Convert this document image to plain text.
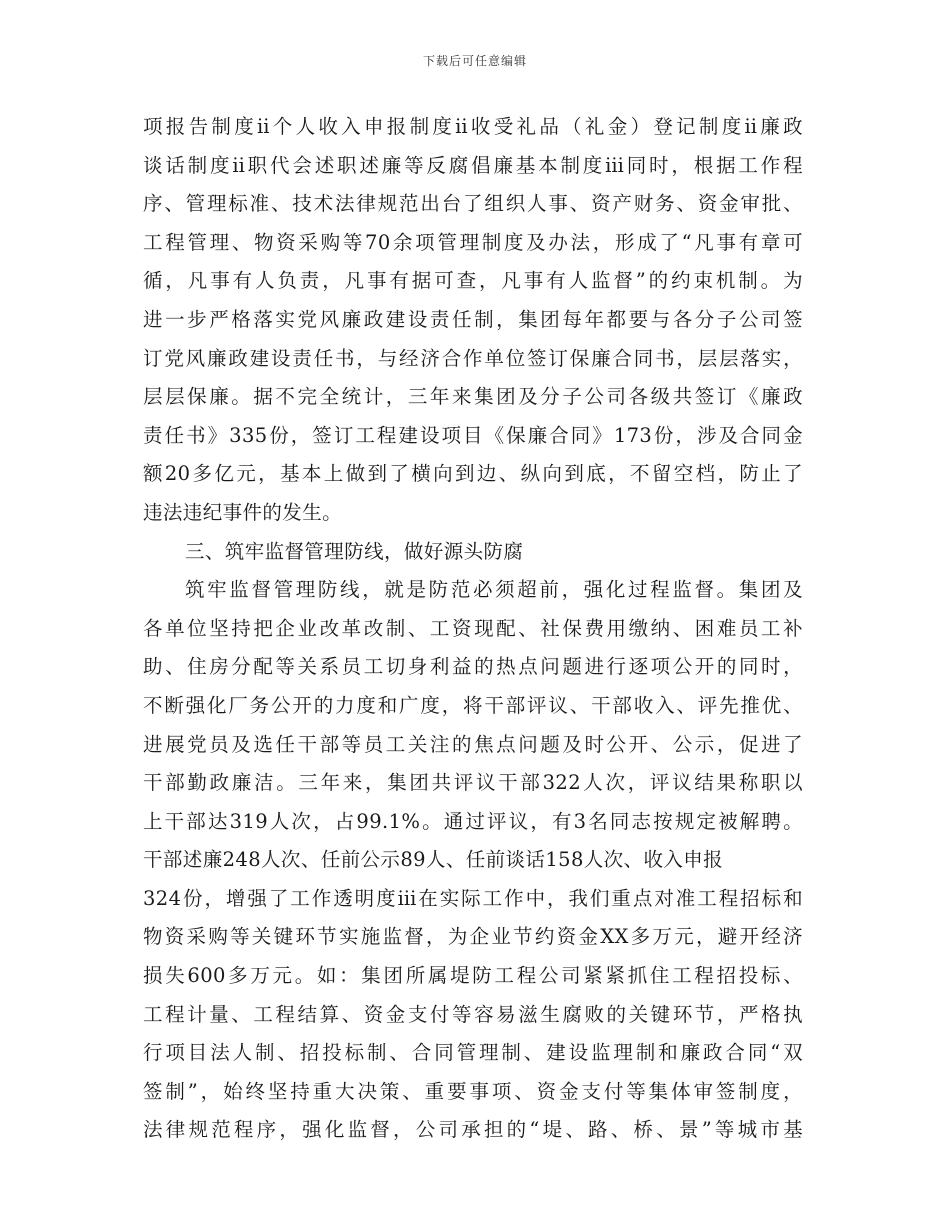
下载后可任意编辑
项报告制度ⅱ个人收入申报制度ⅱ收受礼品（礼金）登记制度ⅱ廉政
谈话制度ⅱ职代会述职述廉等反腐倡廉基本制度ⅲ同时，根据工作程
序、管理标准、技术法律规范出台了组织人事、资产财务、资金审批、
工程管理、物资采购等70余项管理制度及办法，形成了“凡事有章可
循，凡事有人负责，凡事有据可查，凡事有人监督”的约束机制。为
进一步严格落实党风廉政建设责任制，集团每年都要与各分子公司签
订党风廉政建设责任书，与经济合作单位签订保廉合同书，层层落实，
层层保廉。据不完全统计，三年来集团及分子公司各级共签订《廉政
责任书》335份，签订工程建设项目《保廉合同》173份，涉及合同金
额20多亿元，基本上做到了横向到边、纵向到底，不留空档，防止了
违法违纪事件的发生。
三、筑牢监督管理防线，做好源头防腐
筑牢监督管理防线，就是防范必须超前，强化过程监督。集团及
各单位坚持把企业改革改制、工资现配、社保费用缴纳、困难员工补
助、住房分配等关系员工切身利益的热点问题进行逐项公开的同时，
不断强化厂务公开的力度和广度，将干部评议、干部收入、评先推优、
进展党员及选任干部等员工关注的焦点问题及时公开、公示，促进了
干部勤政廉洁。三年来，集团共评议干部322人次，评议结果称职以
上干部达319人次，占99.1%。通过评议，有3名同志按规定被解聘。
干部述廉248人次、任前公示89人、任前谈话158人次、收入申报
324份，增强了工作透明度ⅲ在实际工作中，我们重点对准工程招标和
物资采购等关键环节实施监督，为企业节约资金XX多万元，避开经济
损失600多万元。如：集团所属堤防工程公司紧紧抓住工程招投标、
工程计量、工程结算、资金支付等容易滋生腐败的关键环节，严格执
行项目法人制、招投标制、合同管理制、建设监理制和廉政合同“双
签制”，始终坚持重大决策、重要事项、资金支付等集体审签制度，
法律规范程序，强化监督，公司承担的“堤、路、桥、景”等城市基
